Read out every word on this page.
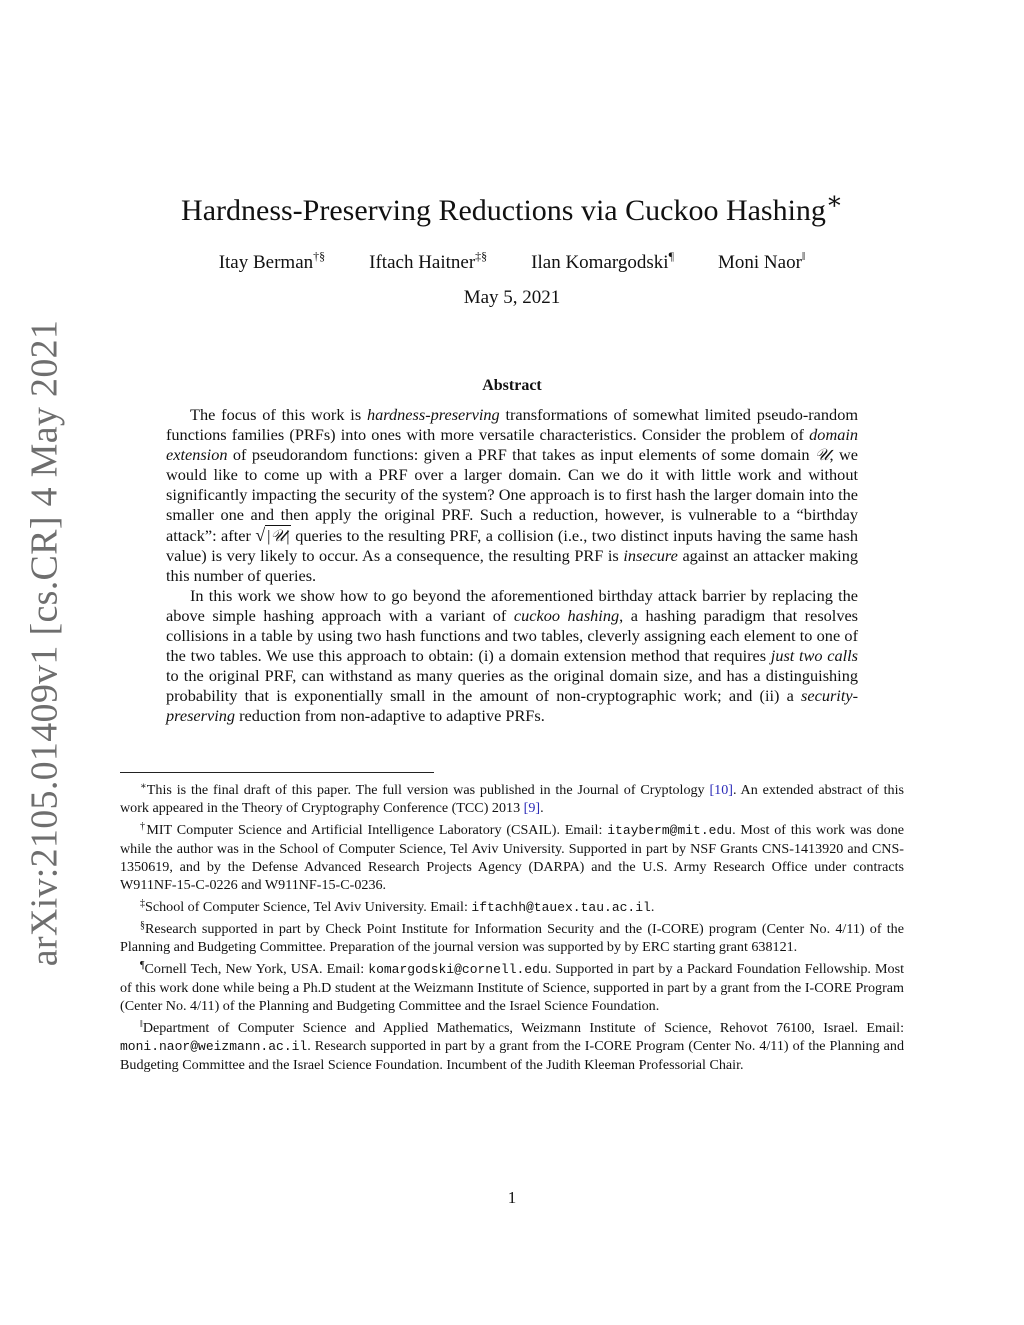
arXiv:2105.01409v1 [cs.CR] 4 May 2021
Hardness-Preserving Reductions via Cuckoo Hashing∗
Itay Berman†§ Iftach Haitner‡§ Ilan Komargodski¶ Moni Naor‖
May 5, 2021
Abstract

The focus of this work is hardness-preserving transformations of somewhat limited pseudo-random functions families (PRFs) into ones with more versatile characteristics. Consider the problem of domain extension of pseudorandom functions: given a PRF that takes as input elements of some domain 𝒰, we would like to come up with a PRF over a larger domain. Can we do it with little work and without significantly impacting the security of the system? One approach is to first hash the larger domain into the smaller one and then apply the original PRF. Such a reduction, however, is vulnerable to a “birthday attack”: after √|𝒰| queries to the resulting PRF, a collision (i.e., two distinct inputs having the same hash value) is very likely to occur. As a consequence, the resulting PRF is insecure against an attacker making this number of queries.

In this work we show how to go beyond the aforementioned birthday attack barrier by replacing the above simple hashing approach with a variant of cuckoo hashing, a hashing paradigm that resolves collisions in a table by using two hash functions and two tables, cleverly assigning each element to one of the two tables. We use this approach to obtain: (i) a domain extension method that requires just two calls to the original PRF, can withstand as many queries as the original domain size, and has a distinguishing probability that is exponentially small in the amount of non-cryptographic work; and (ii) a security-preserving reduction from non-adaptive to adaptive PRFs.

∗This is the final draft of this paper. The full version was published in the Journal of Cryptology [10]. An extended abstract of this work appeared in the Theory of Cryptography Conference (TCC) 2013 [9].

†MIT Computer Science and Artificial Intelligence Laboratory (CSAIL). Email: itayberm@mit.edu. Most of this work was done while the author was in the School of Computer Science, Tel Aviv University. Supported in part by NSF Grants CNS-1413920 and CNS-1350619, and by the Defense Advanced Research Projects Agency (DARPA) and the U.S. Army Research Office under contracts W911NF-15-C-0226 and W911NF-15-C-0236.

‡School of Computer Science, Tel Aviv University. Email: iftachh@tauex.tau.ac.il.

§Research supported in part by Check Point Institute for Information Security and the (I-CORE) program (Center No. 4/11) of the Planning and Budgeting Committee. Preparation of the journal version was supported by by ERC starting grant 638121.

¶Cornell Tech, New York, USA. Email: komargodski@cornell.edu. Supported in part by a Packard Foundation Fellowship. Most of this work done while being a Ph.D student at the Weizmann Institute of Science, supported in part by a grant from the I-CORE Program (Center No. 4/11) of the Planning and Budgeting Committee and the Israel Science Foundation.

‖Department of Computer Science and Applied Mathematics, Weizmann Institute of Science, Rehovot 76100, Israel. Email: moni.naor@weizmann.ac.il. Research supported in part by a grant from the I-CORE Program (Center No. 4/11) of the Planning and Budgeting Committee and the Israel Science Foundation. Incumbent of the Judith Kleeman Professorial Chair.

1
